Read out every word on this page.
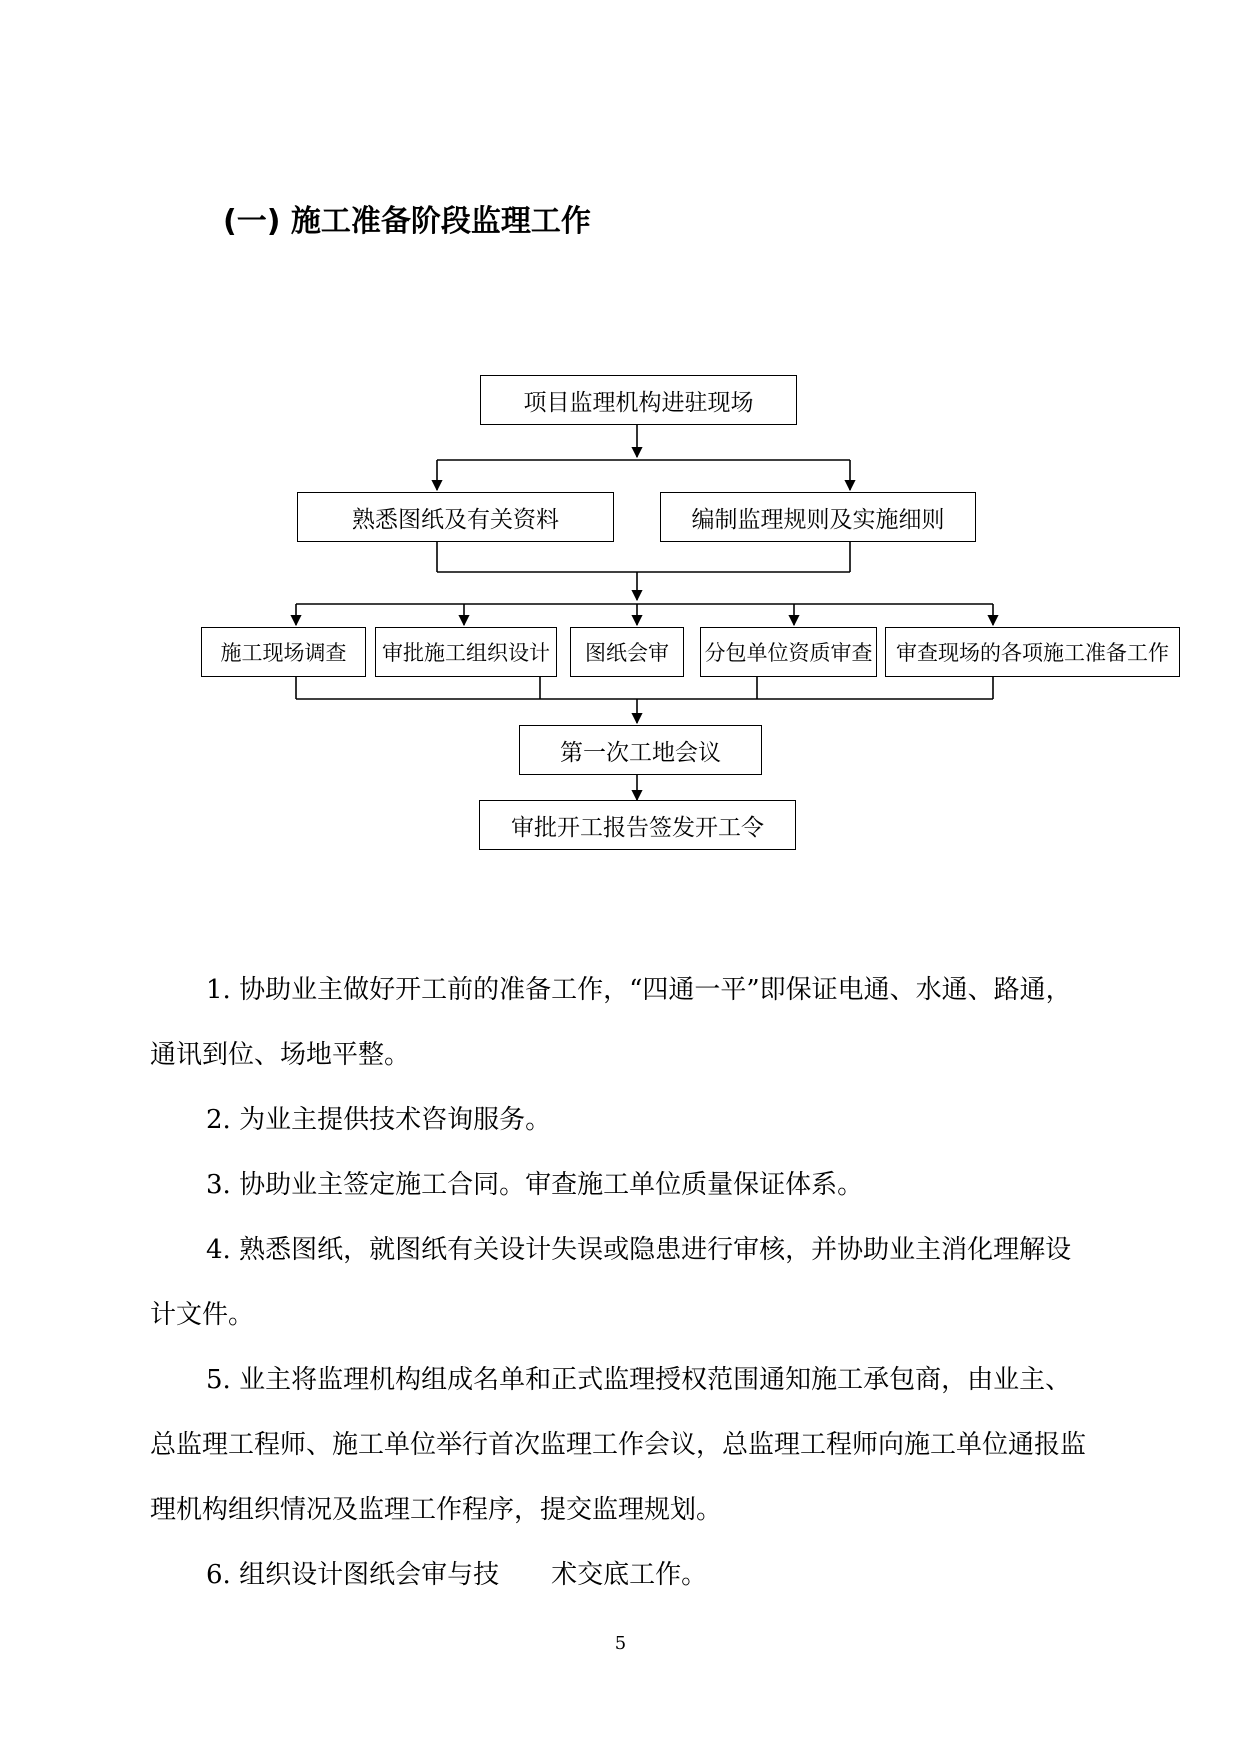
(一) 施工准备阶段监理工作
项目监理机构进驻现场
熟悉图纸及有关资料	编制监理规则及实施细则
施工现场调查	审批施工组织设计	图纸会审	分包单位资质审查	审查现场的各项施工准备工作
第一次工地会议
审批开工报告签发开工令
1. 协助业主做好开工前的准备工作，“四通一平”即保证电通、水通、路通，通讯到位、场地平整。
2. 为业主提供技术咨询服务。
3. 协助业主签定施工合同。审查施工单位质量保证体系。
4. 熟悉图纸，就图纸有关设计失误或隐患进行审核，并协助业主消化理解设计文件。
5. 业主将监理机构组成名单和正式监理授权范围通知施工承包商，由业主、总监理工程师、施工单位举行首次监理工作会议，总监理工程师向施工单位通报监理机构组织情况及监理工作程序，提交监理规划。
6. 组织设计图纸会审与技　　术交底工作。
5
